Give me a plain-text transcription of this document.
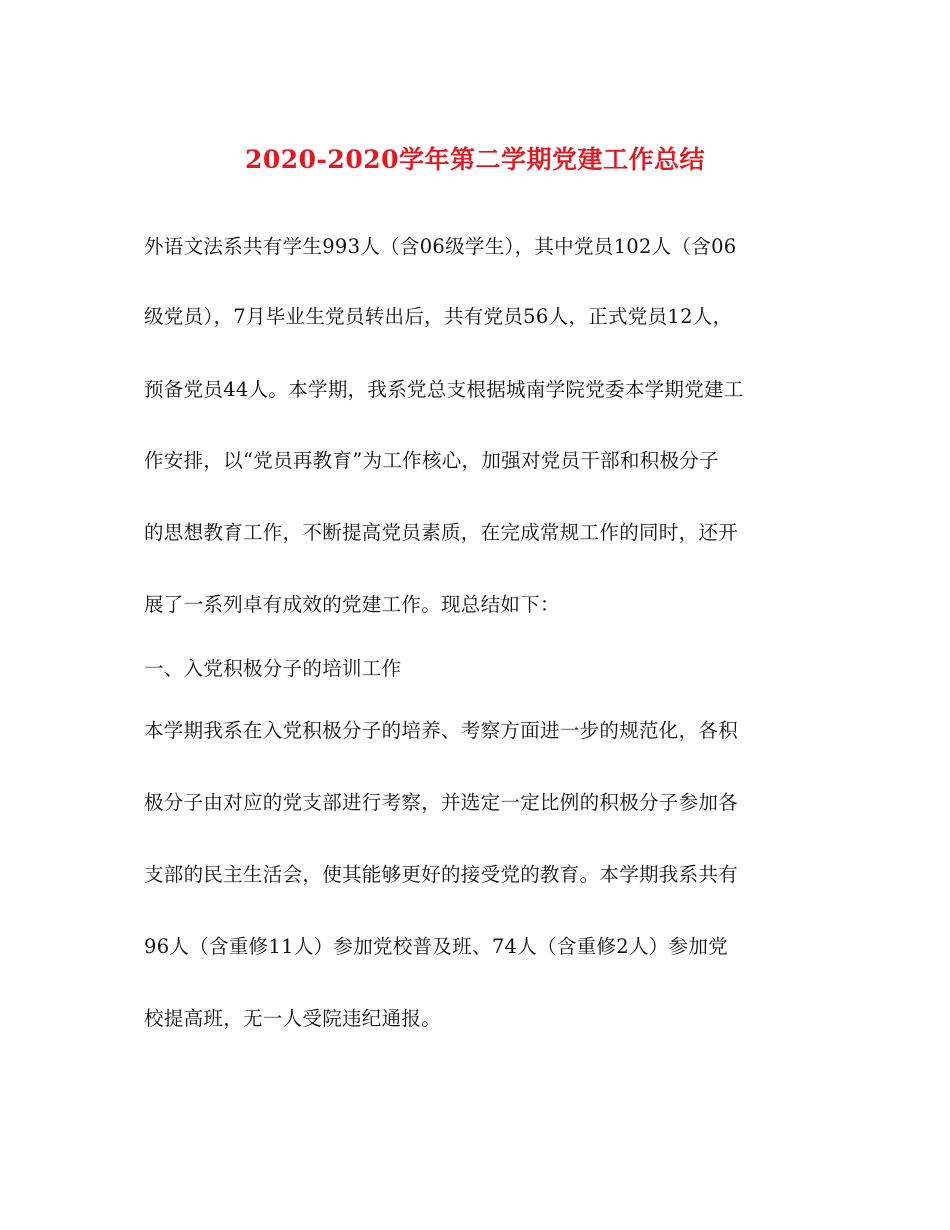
2020-2020学年第二学期党建工作总结
外语文法系共有学生993人（含06级学生），其中党员102人（含06
级党员），7月毕业生党员转出后，共有党员56人，正式党员12人，
预备党员44人。本学期，我系党总支根据城南学院党委本学期党建工
作安排，以“党员再教育”为工作核心，加强对党员干部和积极分子
的思想教育工作，不断提高党员素质，在完成常规工作的同时，还开
展了一系列卓有成效的党建工作。现总结如下：
一、入党积极分子的培训工作
本学期我系在入党积极分子的培养、考察方面进一步的规范化，各积
极分子由对应的党支部进行考察，并选定一定比例的积极分子参加各
支部的民主生活会，使其能够更好的接受党的教育。本学期我系共有
96人（含重修11人）参加党校普及班、74人（含重修2人）参加党
校提高班，无一人受院违纪通报。
